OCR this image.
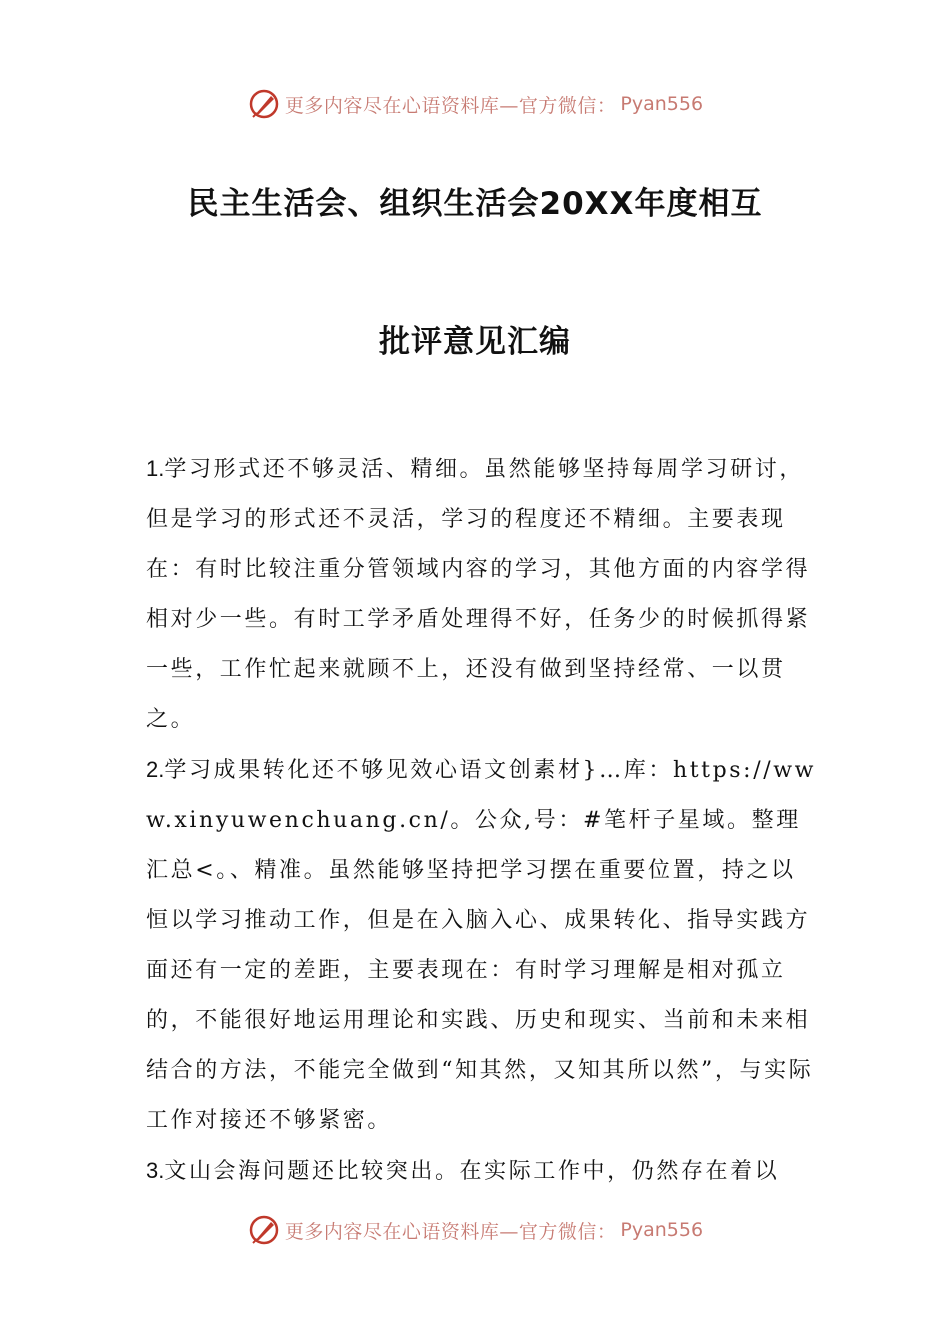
更多内容尽在心语资料库—官方微信： Pyan556
民主生活会、组织生活会20XX年度相互
批评意见汇编

1.学习形式还不够灵活、精细。虽然能够坚持每周学习研讨，但是学习的形式还不灵活，学习的程度还不精细。主要表现在：有时比较注重分管领域内容的学习，其他方面的内容学得相对少一些。有时工学矛盾处理得不好，任务少的时候抓得紧一些，工作忙起来就顾不上，还没有做到坚持经常、一以贯之。

2.学习成果转化还不够见效心语文创素材}…库：https://www.xinyuwenchuang.cn/。公众,号：#笔杆子星域。整理汇总<。、精准。虽然能够坚持把学习摆在重要位置，持之以恒以学习推动工作，但是在入脑入心、成果转化、指导实践方面还有一定的差距，主要表现在：有时学习理解是相对孤立的，不能很好地运用理论和实践、历史和现实、当前和未来相结合的方法，不能完全做到“知其然，又知其所以然”，与实际工作对接还不够紧密。

3.文山会海问题还比较突出。在实际工作中，仍然存在着以

更多内容尽在心语资料库—官方微信： Pyan556
